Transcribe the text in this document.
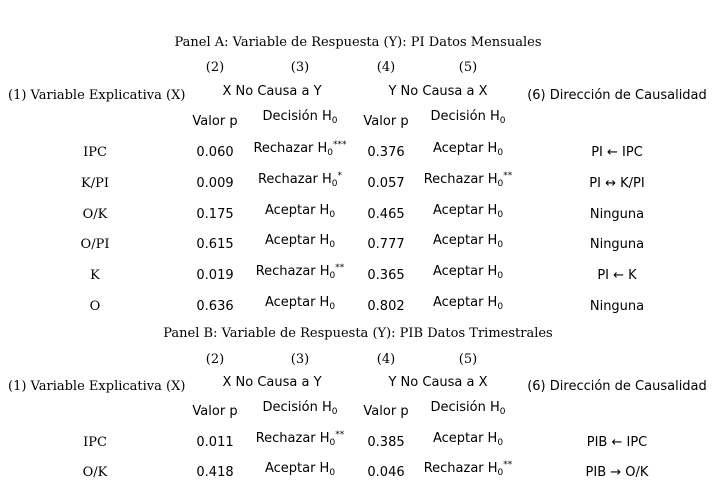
Panel A: Variable de Respuesta (Y): PI Datos Mensuales
(2)	(3)	(4)	(5)
(1) Variable Explicativa (X)	X No Causa a Y	Y No Causa a X	(6) Dirección de Causalidad
Valor p Decisión $H_0$ Valor p Decisión $H_0$
IPC	0.060 Rechazar $H_0^{***}$ 0.376 Aceptar $H_0$	PI ← IPC
K/PI	0.009 Rechazar $H_0^*$ 0.057 Rechazar $H_0^{**}$	PI ↔ K/PI
O/K	0.175 Aceptar $H_0$ 0.465 Aceptar $H_0$	Ninguna
O/PI	0.615 Aceptar $H_0$ 0.777 Aceptar $H_0$	Ninguna
K	0.019 Rechazar $H_0^{**}$ 0.365 Aceptar $H_0$	PI ← K
O	0.636 Aceptar $H_0$ 0.802 Aceptar $H_0$	Ninguna
Panel B: Variable de Respuesta (Y): PIB Datos Trimestrales
(2)	(3)	(4)	(5)
(1) Variable Explicativa (X)	X No Causa a Y	Y No Causa a X	(6) Dirección de Causalidad
Valor p Decisión $H_0$ Valor p Decisión $H_0$
IPC	0.011 Rechazar $H_0^{**}$ 0.385 Aceptar $H_0$	PIB ← IPC
O/K	0.418 Aceptar $H_0$ 0.046 Rechazar $H_0^{**}$	PIB → O/K
